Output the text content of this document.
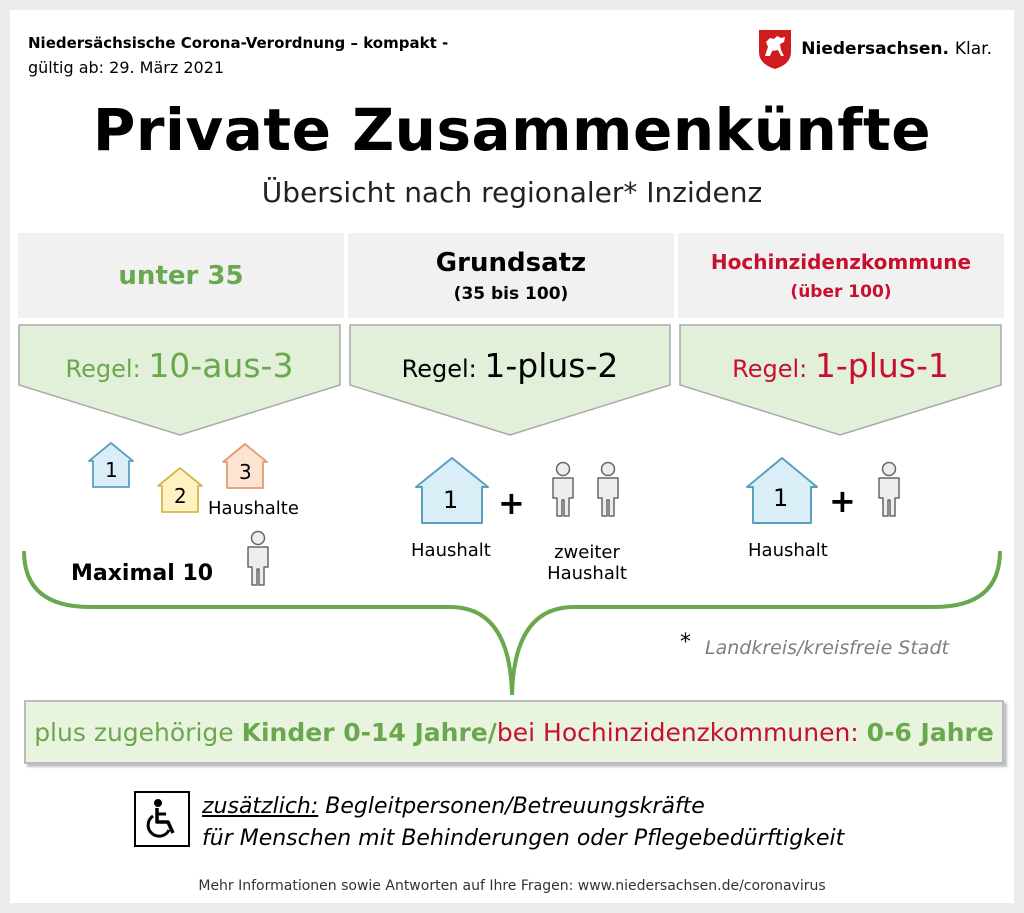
Niedersächsische Corona-Verordnung – kompakt -
gültig ab: 29. März 2021
Niedersachsen. Klar.
Private Zusammenkünfte
Übersicht nach regionaler* Inzidenz
unter 35	Grundsatz
(35 bis 100)
Hochinzidenzkommune
(über 100)
Regel: 10-aus-3	Regel: 1-plus-2	Regel: 1-plus-1
1
2
3
Haushalte
Maximal 10
1 +
Haushalt	zweiter
Haushalt
1 +
Haushalt
* Landkreis/kreisfreie Stadt
plus zugehörige Kinder 0-14 Jahre/ bei Hochinzidenzkommunen: 0-6 Jahre
zusätzlich: Begleitpersonen/Betreuungskräfte
für Menschen mit Behinderungen oder Pflegebedürftigkeit
Mehr Informationen sowie Antworten auf Ihre Fragen: www.niedersachsen.de/coronavirus
